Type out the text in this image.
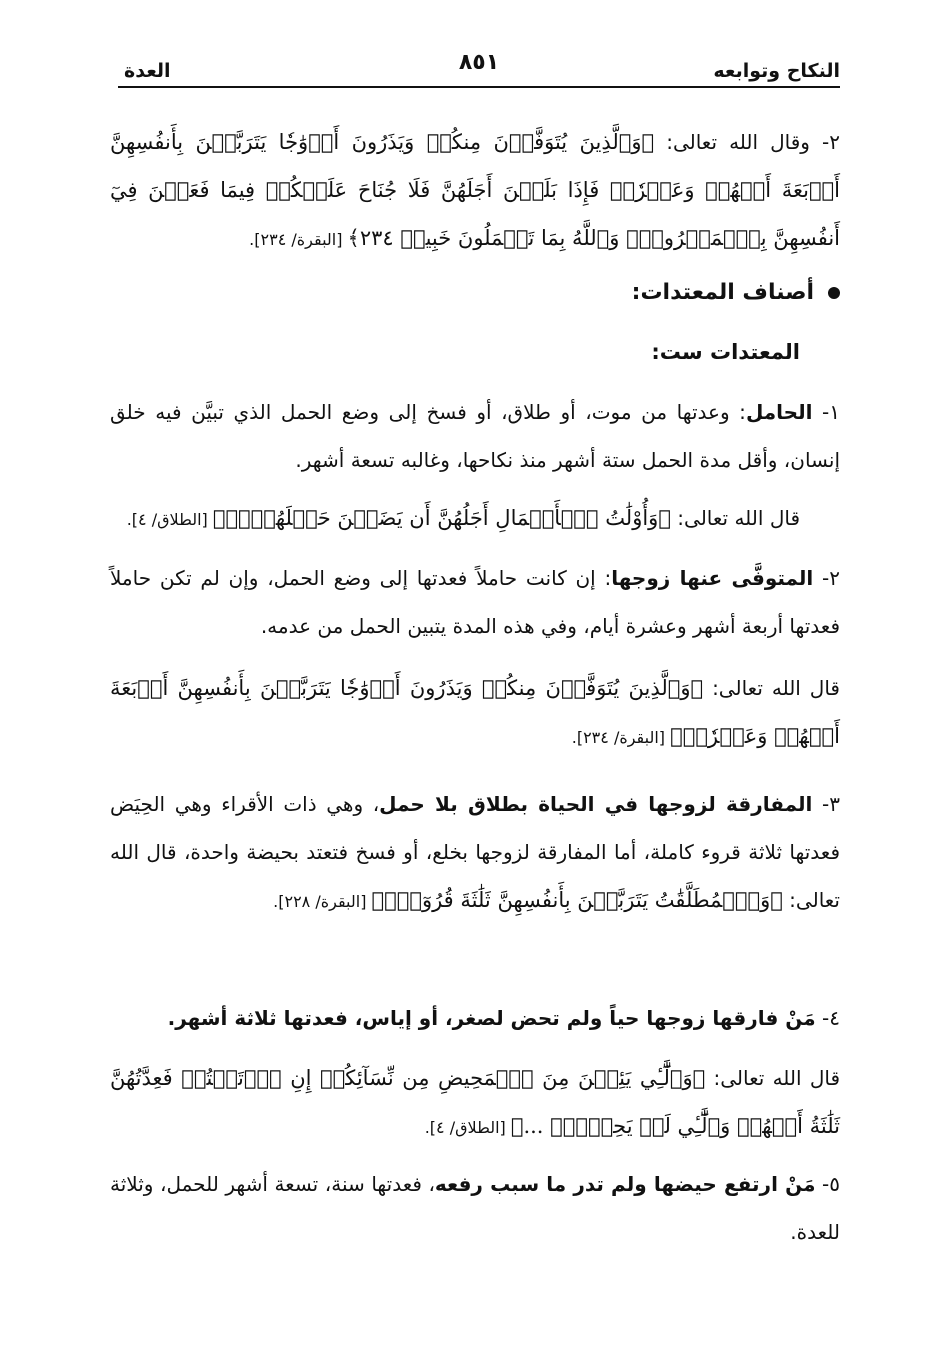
النكاح وتوابعه
٨٥١
العدة
٢- وقال الله تعالى: ﴿وَٱلَّذِينَ يُتَوَفَّوۡنَ مِنكُمۡ وَيَذَرُونَ أَزۡوَٰجٗا يَتَرَبَّصۡنَ بِأَنفُسِهِنَّ أَرۡبَعَةَ أَشۡهُرٖ وَعَشۡرٗاۖ فَإِذَا بَلَغۡنَ أَجَلَهُنَّ فَلَا جُنَاحَ عَلَيۡكُمۡ فِيمَا فَعَلۡنَ فِيٓ أَنفُسِهِنَّ بِٱلۡمَعۡرُوفِۗ وَٱللَّهُ بِمَا تَعۡمَلُونَ خَبِيرٞ ٢٣٤﴾ [البقرة/ ٢٣٤].
أصناف المعتدات:
المعتدات ست:
١- الحامل: وعدتها من موت، أو طلاق، أو فسخ إلى وضع الحمل الذي تبيَّن فيه خلق إنسان، وأقل مدة الحمل ستة أشهر منذ نكاحها، وغالبه تسعة أشهر.
قال الله تعالى: ﴿وَأُوْلَٰتُ ٱلۡأَحۡمَالِ أَجَلُهُنَّ أَن يَضَعۡنَ حَمۡلَهُنَّۚ﴾ [الطلاق/ ٤].
٢- المتوفَّى عنها زوجها: إن كانت حاملاً فعدتها إلى وضع الحمل، وإن لم تكن حاملاً فعدتها أربعة أشهر وعشرة أيام، وفي هذه المدة يتبين الحمل من عدمه.
قال الله تعالى: ﴿وَٱلَّذِينَ يُتَوَفَّوۡنَ مِنكُمۡ وَيَذَرُونَ أَزۡوَٰجٗا يَتَرَبَّصۡنَ بِأَنفُسِهِنَّ أَرۡبَعَةَ أَشۡهُرٖ وَعَشۡرٗاۖ﴾ [البقرة/ ٢٣٤].
٣- المفارقة لزوجها في الحياة بطلاق بلا حمل، وهي ذات الأقراء وهي الحِيَض فعدتها ثلاثة قروء كاملة، أما المفارقة لزوجها بخلع، أو فسخ فتعتد بحيضة واحدة، قال الله تعالى: ﴿وَٱلۡمُطَلَّقَٰتُ يَتَرَبَّصۡنَ بِأَنفُسِهِنَّ ثَلَٰثَةَ قُرُوٓءٖۚ﴾ [البقرة/ ٢٢٨].
٤- مَنْ فارقها زوجها حياً ولم تحض لصغر، أو إياس، فعدتها ثلاثة أشهر.
قال الله تعالى: ﴿وَٱلَّٰٓـِٔي يَئِسۡنَ مِنَ ٱلۡمَحِيضِ مِن نِّسَآئِكُمۡ إِنِ ٱرۡتَبۡتُمۡ فَعِدَّتُهُنَّ ثَلَٰثَةُ أَشۡهُرٖ وَٱلَّٰٓـِٔي لَمۡ يَحِضۡنَۚ ...﴾ [الطلاق/ ٤].
٥- مَنْ ارتفع حيضها ولم تدر ما سبب رفعه، فعدتها سنة، تسعة أشهر للحمل، وثلاثة للعدة.
